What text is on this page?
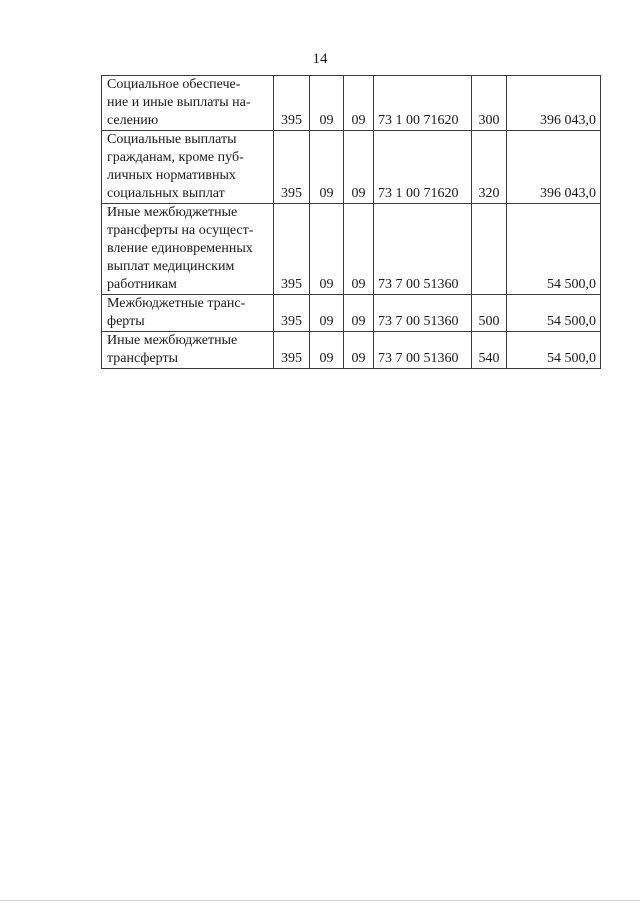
14
Социальное обеспече-
ние и иные выплаты на-
селению	395	09	09	73 1 00 71620	300	396 043,0

Социальные выплаты
гражданам, кроме пуб-
личных нормативных
социальных выплат	395	09	09	73 1 00 71620	320	396 043,0

Иные межбюджетные
трансферты на осущест-
вление единовременных
выплат медицинским
работникам	395	09	09	73 7 00 51360		54 500,0

Межбюджетные транс-
ферты	395	09	09	73 7 00 51360	500	54 500,0

Иные межбюджетные
трансферты	395	09	09	73 7 00 51360	540	54 500,0
